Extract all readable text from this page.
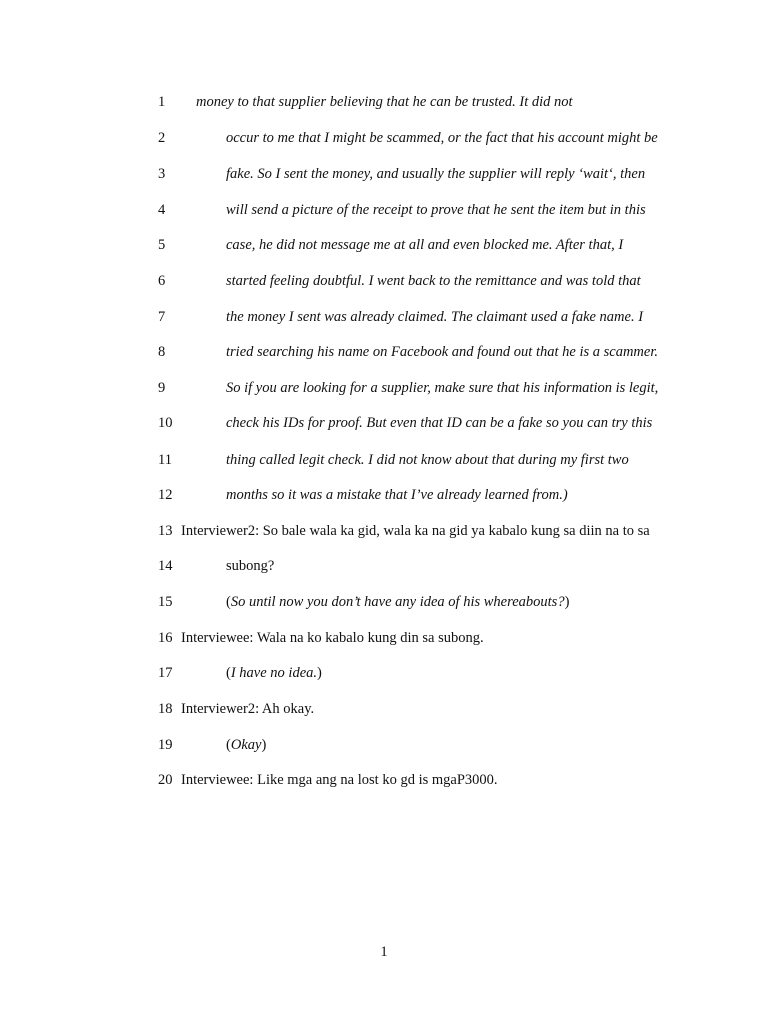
1 money to that supplier believing that he can be trusted. It did not
2	occur to me that I might be scammed, or the fact that his account might be
3	fake. So I sent the money, and usually the supplier will reply ‘wait‘, then
4	will send a picture of the receipt to prove that he sent the item but in this
5	case, he did not message me at all and even blocked me. After that, I
6	started feeling doubtful. I went back to the remittance and was told that
7	the money I sent was already claimed. The claimant used a fake name. I
8	tried searching his name on Facebook and found out that he is a scammer.
9	So if you are looking for a supplier, make sure that his information is legit,
10	check his IDs for proof. But even that ID can be a fake so you can try this
11	thing called legit check. I did not know about that during my first two
12	months so it was a mistake that I’ve already learned from.)
13 Interviewer2: So bale wala ka gid, wala ka na gid ya kabalo kung sa diin na to sa
14	subong?
15	(So until now you don’t have any idea of his whereabouts?)
16 Interviewee: Wala na ko kabalo kung din sa subong.
17	(I have no idea.)
18 Interviewer2: Ah okay.
19	(Okay)
20 Interviewee: Like mga ang na lost ko gd is mgaP3000.
1
